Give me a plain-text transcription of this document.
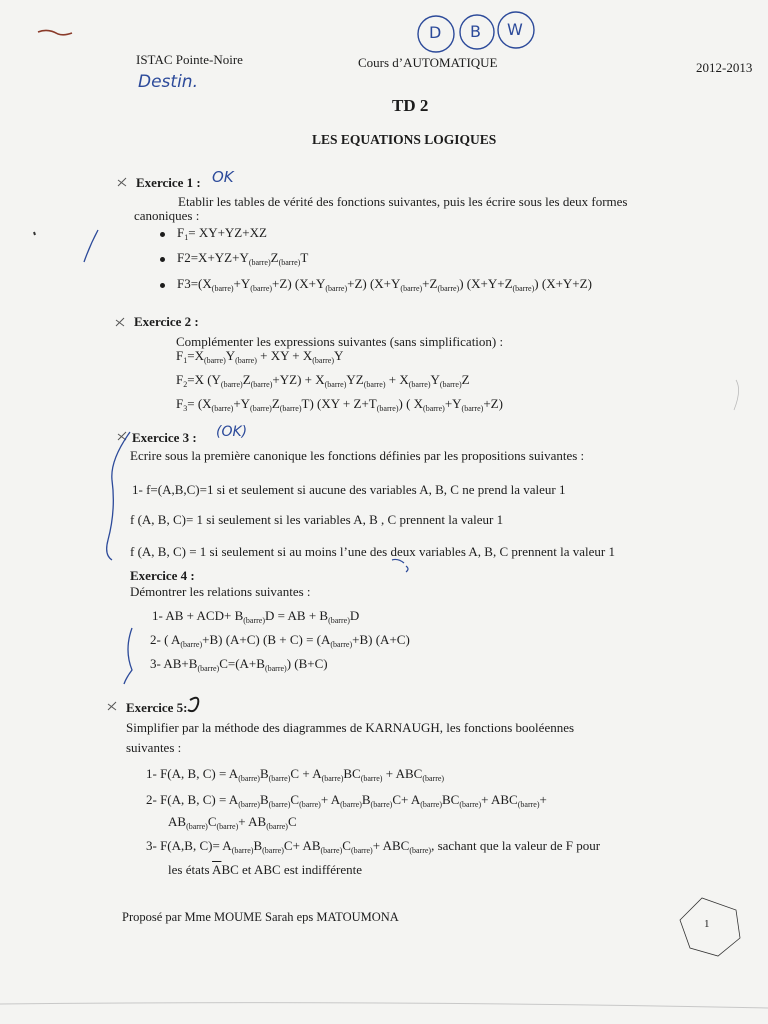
ISTAC Pointe-Noire
Destin.
Cours d’AUTOMATIQUE	2012-2013
D B W
TD 2
LES EQUATIONS LOGIQUES
Exercice 1 : OK
Etablir les tables de vérité des fonctions suivantes, puis les écrire sous les deux formes
canoniques :
$F_1= XY+YZ+XZ$
$F2=X+YZ+Y_{(barre)}Z_{(barre)}T$
$F3=(X_{(barre)}+Y_{(barre)}+Z)$ $(X+Y_{(barre)}+Z)$ $(X+Y_{(barre)}+Z_{(barre)})$ $(X+Y+Z_{(barre)})$ (X+Y+Z)
Exercice 2 :
Complémenter les expressions suivantes (sans simplification) :
$F_1=X_{(barre)}Y_{(barre)}$ + XY + $X_{(barre)}Y$
$F_2=X$ $(Y_{(barre)}Z_{(barre)}+YZ) + X_{(barre)}YZ_{(barre)} + X_{(barre)}Y_{(barre)}Z$
$F_3= (X_{(barre)}+Y_{(barre)}Z_{(barre)}T) (XY + Z+T_{(barre)})$ ( $X_{(barre)}+Y_{(barre)}+Z$)
Exercice 3 : (OK)
Ecrire sous la première canonique les fonctions définies par les propositions suivantes :
1- f=(A,B,C)=1 si et seulement si aucune des variables A, B, C ne prend la valeur 1
f (A, B, C)= 1 si seulement si les variables A, B , C prennent la valeur 1
f (A, B, C) = 1 si seulement si au moins l’une des deux variables A, B, C prennent la valeur 1
Exercice 4 :
Démontrer les relations suivantes :
1- AB + $ACD+ B_{(barre)}D$ = AB + $B_{(barre)}D$
2- ( $A_{(barre)}+B$) (A+C) $(B + C) = (A_{(barre)}+B)$ (A+C)
3- $AB+B_{(barre)}C=(A+B_{(barre)})$ (B+C)
Exercice 5:
Simplifier par la méthode des diagrammes de KARNAUGH, les fonctions booléennes
suivantes :
1- F(A, B, $C) = A_{(barre)}B_{(barre)}C + A_{(barre)}BC_{(barre)} + ABC_{(barre)}$
2- F(A, B, $C) = A_{(barre)}B_{(barre)}C_{(barre)}+ A_{(barre)}B_{(barre)}C+ A_{(barre)}BC_{(barre)}+ ABC_{(barre)}+$
$AB_{(barre)}C_{(barre)}+ AB_{(barre)}C$
3- F(A,B, $C)= A_{(barre)}B_{(barre)}C+ AB_{(barre)}C_{(barre)}+ ABC_{(barre)}$, sachant que la valeur de F pour
les états $\overline{A}BC$ et ABC est indifférente
Proposé par Mme MOUME Sarah eps MATOUMONA	1
